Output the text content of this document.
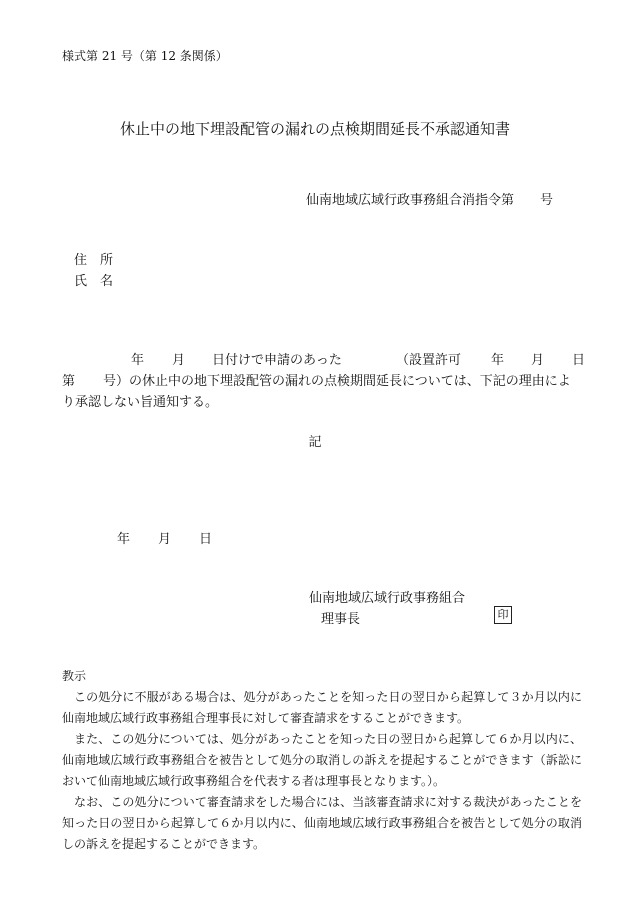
様式第 21 号（第 12 条関係）
休止中の地下埋設配管の漏れの点検期間延長不承認通知書
仙南地域広域行政事務組合消指令第 号
住 所
氏 名
年 月 日付けで申請のあった	（設置許可 年 月 日
第 号）の休止中の地下埋設配管の漏れの点検期間延長については、下記の理由によ
り承認しない旨通知する。
記
年 月 日
仙南地域広域行政事務組合
理事長	印
教示

この処分に不服がある場合は、処分があったことを知った日の翌日から起算して３か月以内に仙南地域広域行政事務組合理事長に対して審査請求をすることができます。

また、この処分については、処分があったことを知った日の翌日から起算して６か月以内に、仙南地域広域行政事務組合を被告として処分の取消しの訴えを提起することができます（訴訟において仙南地域広域行政事務組合を代表する者は理事長となります。）。

なお、この処分について審査請求をした場合には、当該審査請求に対する裁決があったことを知った日の翌日から起算して６か月以内に、仙南地域広域行政事務組合を被告として処分の取消しの訴えを提起することができます。
